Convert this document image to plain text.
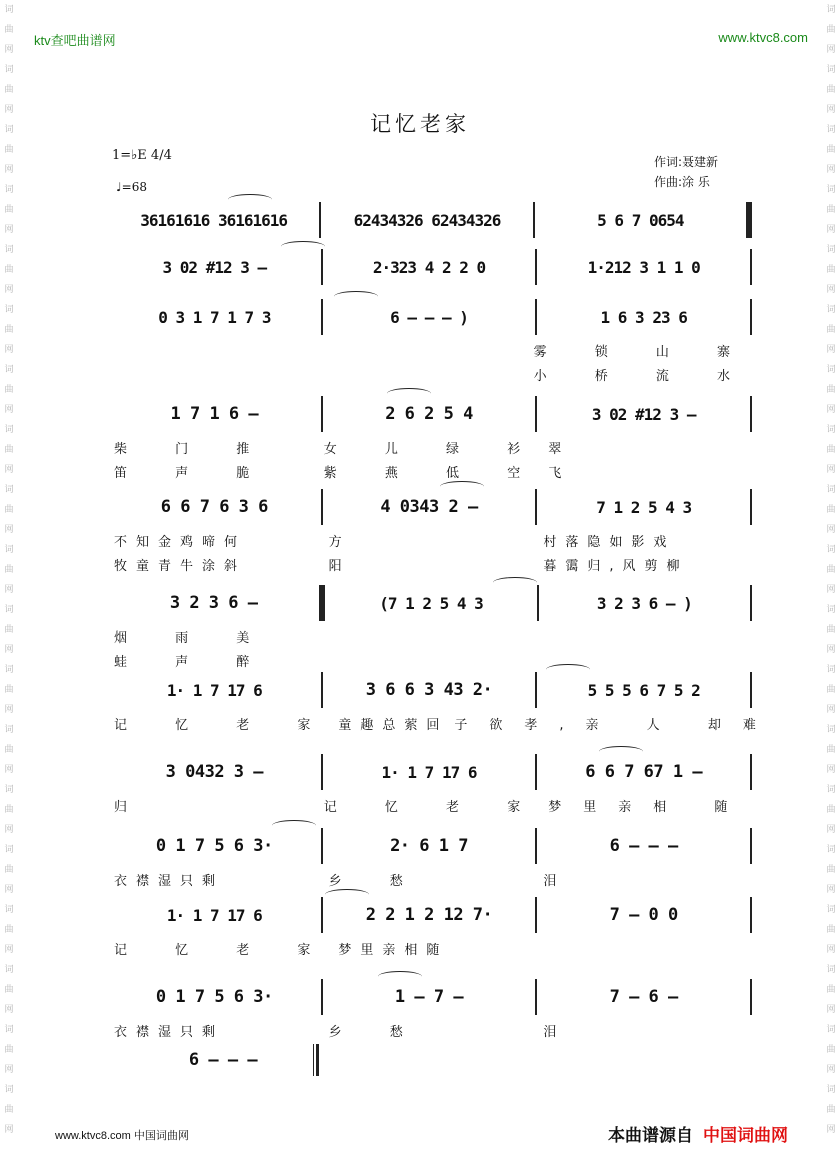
词
曲
网
词
曲
网
词
曲
网
词
曲
网
词
曲
网
词
曲
网
词
曲
网
词
曲
网
词
曲
网
词
曲
网
词
曲
网
词
曲
网
词
曲
网
词
曲
网
词
曲
网
词
曲
网
词
曲
网
词
曲
网
词
曲
网
词
曲
网
词
曲
网
词
曲
网
词
曲
网
词
曲
网
词
曲
网
词
曲
网
词
曲
网
词
曲
网
词
曲
网
词
曲
网
词
曲
网
词
曲
网
词
曲
网
词
曲
网
词
曲
网
词
曲
网
词
曲
网
词
曲
网
ktv查吧曲谱网	www.ktvc8.com
记忆老家
1=♭E 4/4
♩=68
作词:聂建新
作曲:涂 乐
36161616 36161616	62434326 62434326	5 6 7 0654
3 02 #12 3 –	2·323 4 2 2 0	1·212 3 1 1 0
0 3 1 7 1 7 3	6 – – – )	1 6 3 23 6
雾 锁 山 寨
小 桥 流 水
1 7 1 6 –	2 6 2 5 4	3 02 #12 3 –
柴 门 推	女 儿 绿 衫 翠
笛 声 脆	紫 燕 低 空 飞
6 6 7 6 3 6	4 0343 2 –	7 1 2 5 4 3
不知金鸡啼何	方	村落隐如影戏
牧童青牛涂斜	阳	暮霭归,风剪柳
3 2 3 6 –	(7 1 2 5 4 3	3 2 3 6 – )
烟 雨 美
蛙 声 醉
1· 1 7 17 6	3 6 6 3 43 2·	5 5 5 6 7 5 2
记 忆 老 家 童趣总萦回 子欲孝,亲 人 却难
3 0432 3 –	1· 1 7 17 6	6 6 7 67 1 –
归	记 忆 老 家 梦里亲相 随
0 1 7 5 6 3·	2· 6 1 7	6 – – –
衣襟湿只剩	乡 愁	泪
1· 1 7 17 6	2 2 1 2 12 7·	7 – 0 0
记 忆 老 家 梦里亲相随
0 1 7 5 6 3·	1 – 7 –	7 – 6 –
衣襟湿只剩	乡 愁	泪
6 – – –
www.ktvc8.com 中国词曲网	本曲谱源自 中国词曲网
